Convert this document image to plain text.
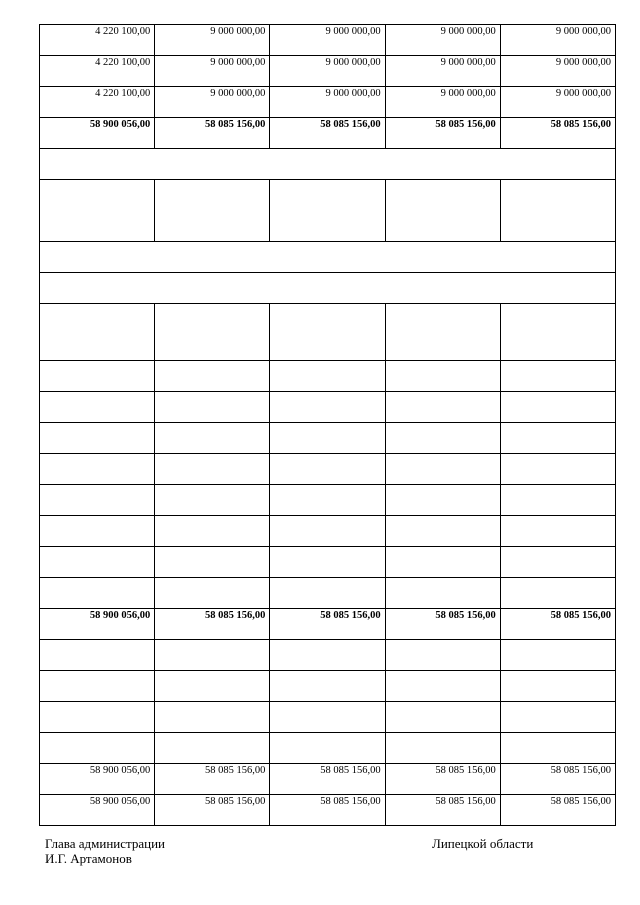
4 220 100,00	9 000 000,00	9 000 000,00	9 000 000,00	9 000 000,00
4 220 100,00	9 000 000,00	9 000 000,00	9 000 000,00	9 000 000,00
4 220 100,00	9 000 000,00	9 000 000,00	9 000 000,00	9 000 000,00
58 900 056,00	58 085 156,00	58 085 156,00	58 085 156,00	58 085 156,00

58 900 056,00	58 085 156,00	58 085 156,00	58 085 156,00	58 085 156,00

58 900 056,00	58 085 156,00	58 085 156,00	58 085 156,00	58 085 156,00
58 900 056,00	58 085 156,00	58 085 156,00	58 085 156,00	58 085 156,00
Глава администрации
И.Г. Артамонов
Липецкой области
